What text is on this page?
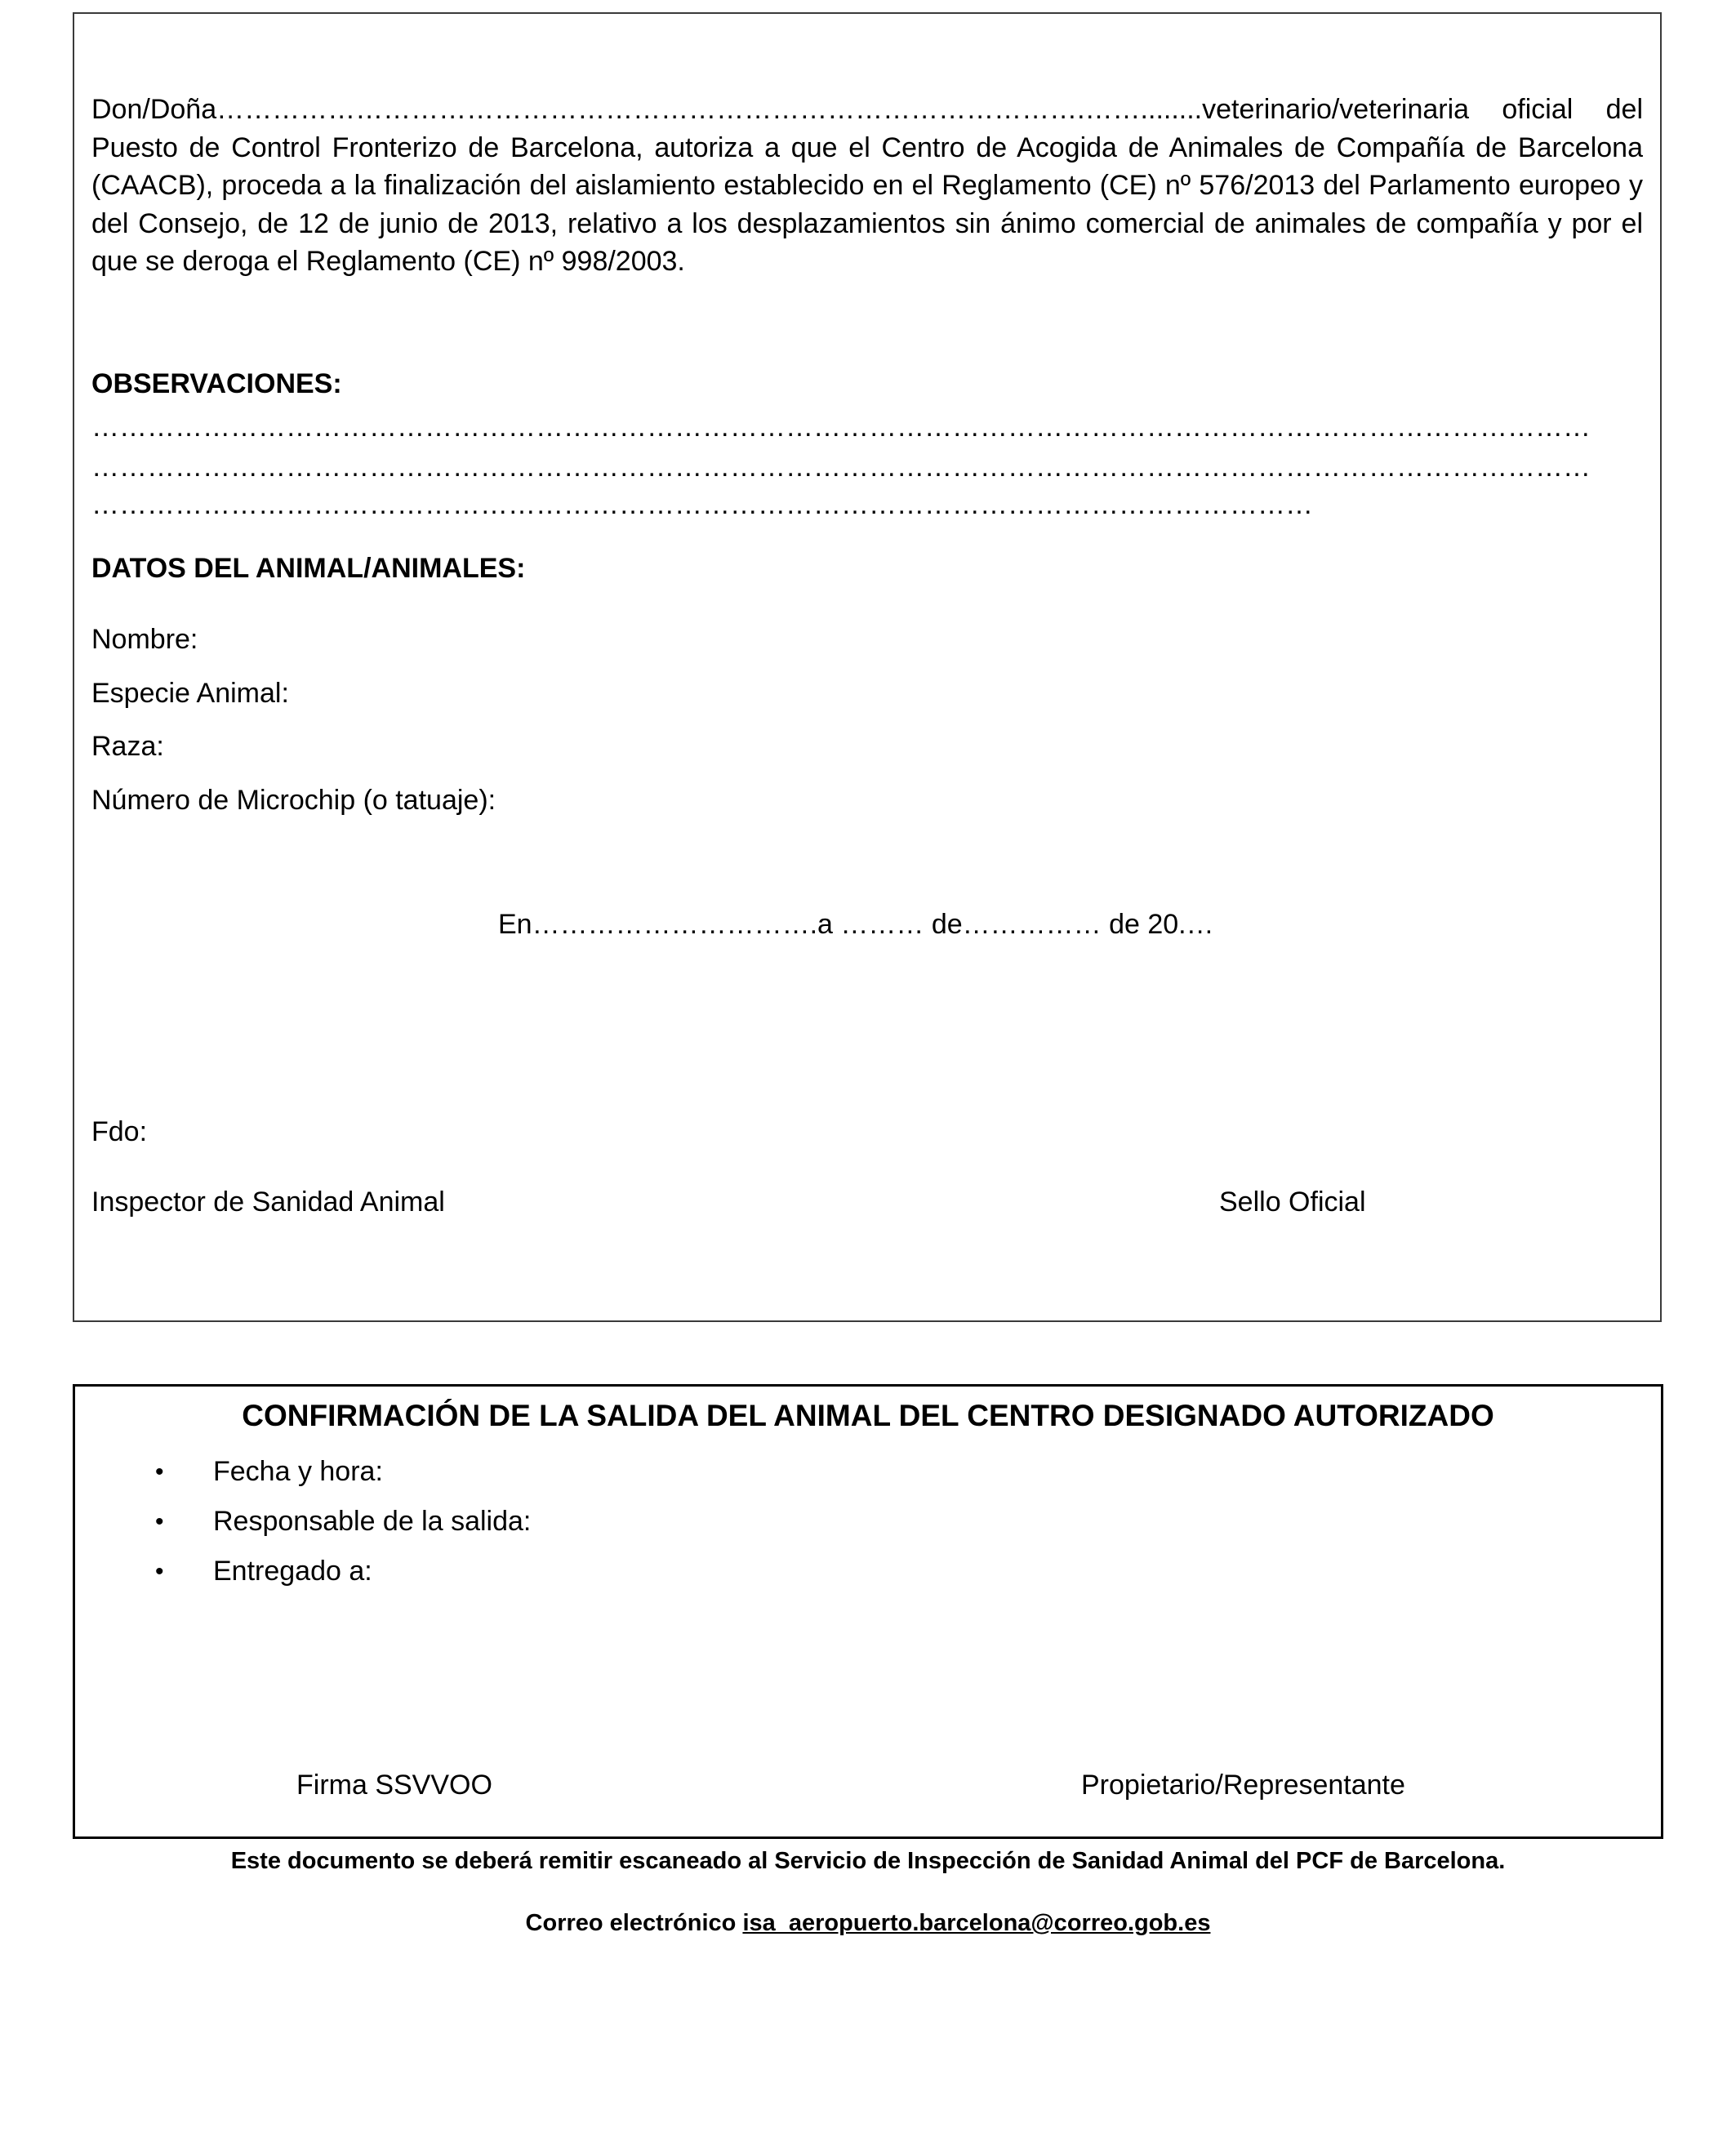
Don/Doña………………………………………………………………………………….……........veterinario/veterinaria oficial del Puesto de Control Fronterizo de Barcelona, autoriza a que el Centro de Acogida de Animales de Compañía de Barcelona (CAACB), proceda a la finalización del aislamiento establecido en el Reglamento (CE) nº 576/2013 del Parlamento europeo y del Consejo, de 12 de junio de 2013, relativo a los desplazamientos sin ánimo comercial de animales de compañía y por el que se deroga el Reglamento (CE) nº 998/2003.
OBSERVACIONES:
………………………………………………………………………………………………………………………………………………
………………………………………………………………………………………………………………………………………………
……………………………………………………………………………………………………………………
DATOS DEL ANIMAL/ANIMALES:
Nombre:
Especie Animal:
Raza:
Número de Microchip (o tatuaje):
En………………………….a ……… de…………… de 20.…
Fdo:
Inspector de Sanidad Animal	Sello Oficial
CONFIRMACIÓN DE LA SALIDA DEL ANIMAL DEL CENTRO DESIGNADO AUTORIZADO
• Fecha y hora:
• Responsable de la salida:
• Entregado a:
Firma SSVVOO	Propietario/Representante
Este documento se deberá remitir escaneado al Servicio de Inspección de Sanidad Animal del PCF de Barcelona.
Correo electrónico isa_aeropuerto.barcelona@correo.gob.es
